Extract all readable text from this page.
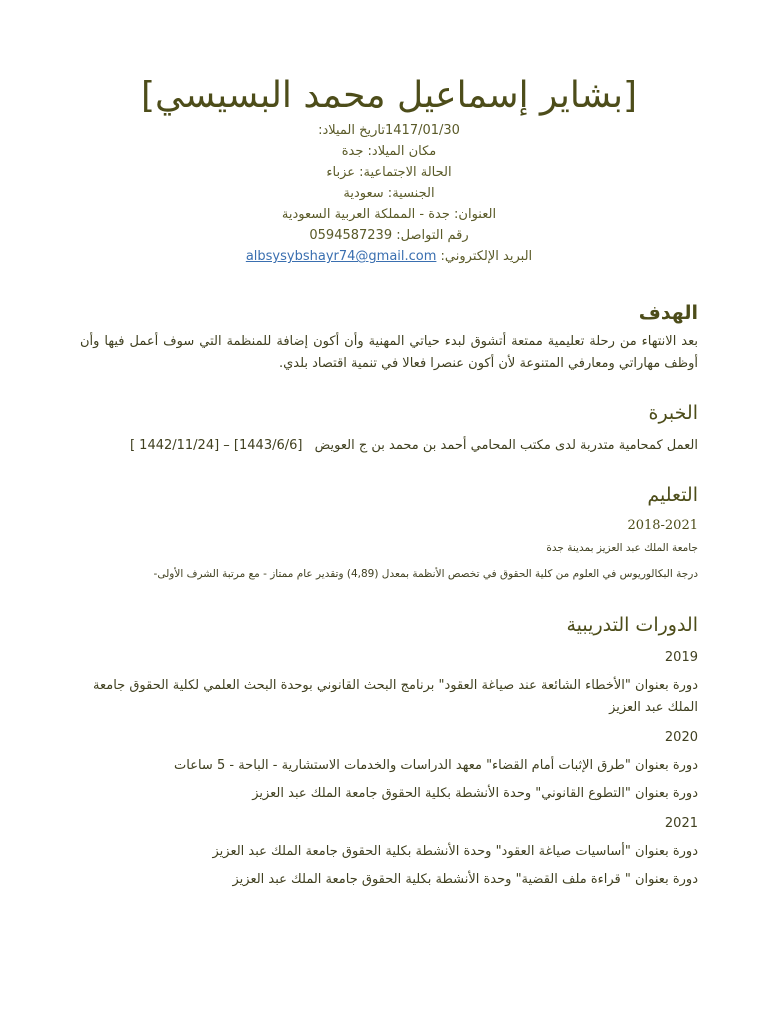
[بشاير إسماعيل محمد البسيسي]
1417/01/30تاريخ الميلاد:
مكان الميلاد: جدة
الحالة الاجتماعية: عزباء
الجنسية: سعودية
العنوان: جدة - المملكة العربية السعودية
رقم التواصل: 0594587239
البريد الإلكتروني: albsysybshayr74@gmail.com
الهدف

بعد الانتهاء من رحلة تعليمية ممتعة أتشوق لبدء حياتي المهنية وأن أكون إضافة للمنظمة التي سوف أعمل فيها وأن أوظف مهاراتي ومعارفي المتنوعة لأن أكون عنصرا فعالا في تنمية اقتصاد بلدي.

الخبرة
العمل كمحامية متدربة لدى مكتب المحامي أحمد بن محمد بن ج العويض [ 1442/11/24] – [1443/6/6]
التعليم
2018-2021
جامعة الملك عبد العزيز بمدينة جدة
درجة البكالوريوس في العلوم من كلية الحقوق في تخصص الأنظمة بمعدل (4,89) وتقدير عام ممتاز - مع مرتبة الشرف الأولى-
الدورات التدريبية
2019
دورة بعنوان "الأخطاء الشائعة عند صياغة العقود" برنامج البحث القانوني بوحدة البحث العلمي لكلية الحقوق جامعة الملك عبد العزيز
2020
دورة بعنوان "طرق الإثبات أمام القضاء" معهد الدراسات والخدمات الاستشارية - الباحة - 5 ساعات
دورة بعنوان "التطوع القانوني" وحدة الأنشطة بكلية الحقوق جامعة الملك عبد العزيز
2021
دورة بعنوان "أساسيات صياغة العقود" وحدة الأنشطة بكلية الحقوق جامعة الملك عبد العزيز
دورة بعنوان " قراءة ملف القضية" وحدة الأنشطة بكلية الحقوق جامعة الملك عبد العزيز
